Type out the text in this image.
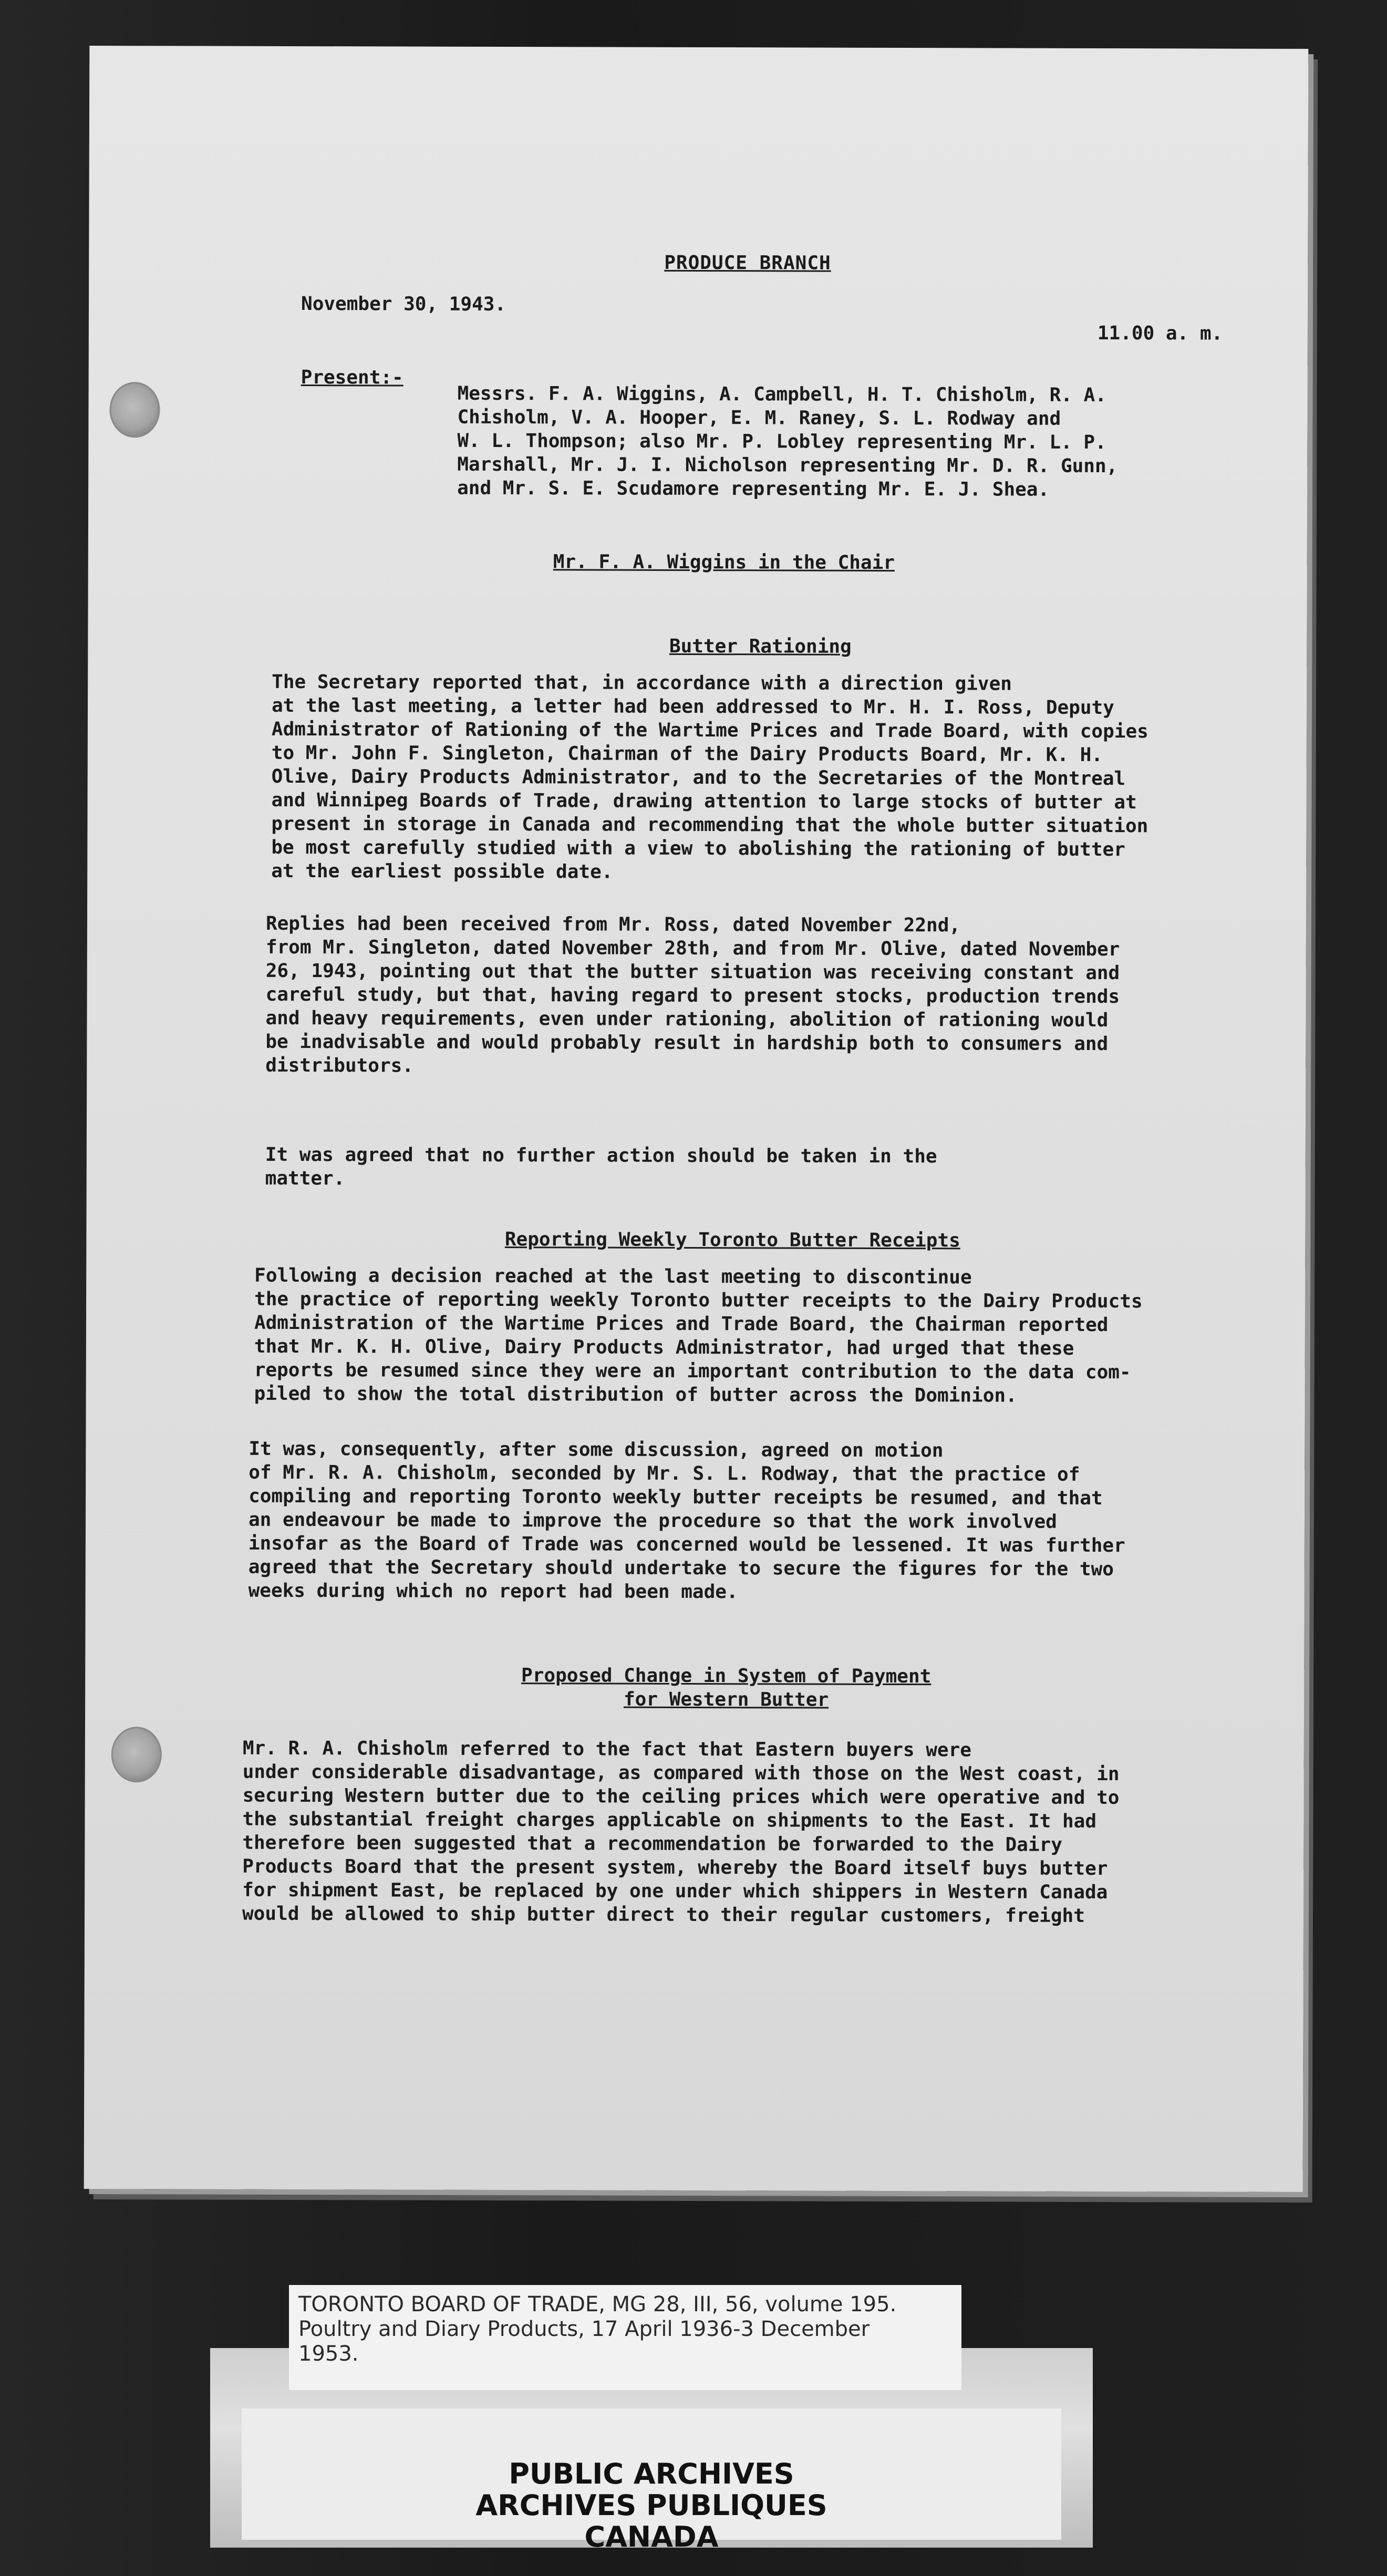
PRODUCE BRANCH
November 30, 1943.
11.00 a. m.
Present:-
Messrs. F. A. Wiggins, A. Campbell, H. T. Chisholm, R. A.
Chisholm, V. A. Hooper, E. M. Raney, S. L. Rodway and
W. L. Thompson; also Mr. P. Lobley representing Mr. L. P.
Marshall, Mr. J. I. Nicholson representing Mr. D. R. Gunn,
and Mr. S. E. Scudamore representing Mr. E. J. Shea.
Mr. F. A. Wiggins in the Chair
Butter Rationing
The Secretary reported that, in accordance with a direction given
at the last meeting, a letter had been addressed to Mr. H. I. Ross, Deputy
Administrator of Rationing of the Wartime Prices and Trade Board, with copies
to Mr. John F. Singleton, Chairman of the Dairy Products Board, Mr. K. H.
Olive, Dairy Products Administrator, and to the Secretaries of the Montreal
and Winnipeg Boards of Trade, drawing attention to large stocks of butter at
present in storage in Canada and recommending that the whole butter situation
be most carefully studied with a view to abolishing the rationing of butter
at the earliest possible date.
Replies had been received from Mr. Ross, dated November 22nd,
from Mr. Singleton, dated November 28th, and from Mr. Olive, dated November
26, 1943, pointing out that the butter situation was receiving constant and
careful study, but that, having regard to present stocks, production trends
and heavy requirements, even under rationing, abolition of rationing would
be inadvisable and would probably result in hardship both to consumers and
distributors.
It was agreed that no further action should be taken in the
matter.
Reporting Weekly Toronto Butter Receipts
Following a decision reached at the last meeting to discontinue
the practice of reporting weekly Toronto butter receipts to the Dairy Products
Administration of the Wartime Prices and Trade Board, the Chairman reported
that Mr. K. H. Olive, Dairy Products Administrator, had urged that these
reports be resumed since they were an important contribution to the data com-
piled to show the total distribution of butter across the Dominion.
It was, consequently, after some discussion, agreed on motion
of Mr. R. A. Chisholm, seconded by Mr. S. L. Rodway, that the practice of
compiling and reporting Toronto weekly butter receipts be resumed, and that
an endeavour be made to improve the procedure so that the work involved
insofar as the Board of Trade was concerned would be lessened. It was further
agreed that the Secretary should undertake to secure the figures for the two
weeks during which no report had been made.
Proposed Change in System of Payment
for Western Butter
Mr. R. A. Chisholm referred to the fact that Eastern buyers were
under considerable disadvantage, as compared with those on the West coast, in
securing Western butter due to the ceiling prices which were operative and to
the substantial freight charges applicable on shipments to the East. It had
therefore been suggested that a recommendation be forwarded to the Dairy
Products Board that the present system, whereby the Board itself buys butter
for shipment East, be replaced by one under which shippers in Western Canada
would be allowed to ship butter direct to their regular customers, freight
TORONTO BOARD OF TRADE, MG 28, III, 56, volume 195.
Poultry and Diary Products, 17 April 1936-3 December
1953.
PUBLIC ARCHIVES
ARCHIVES PUBLIQUES
CANADA
